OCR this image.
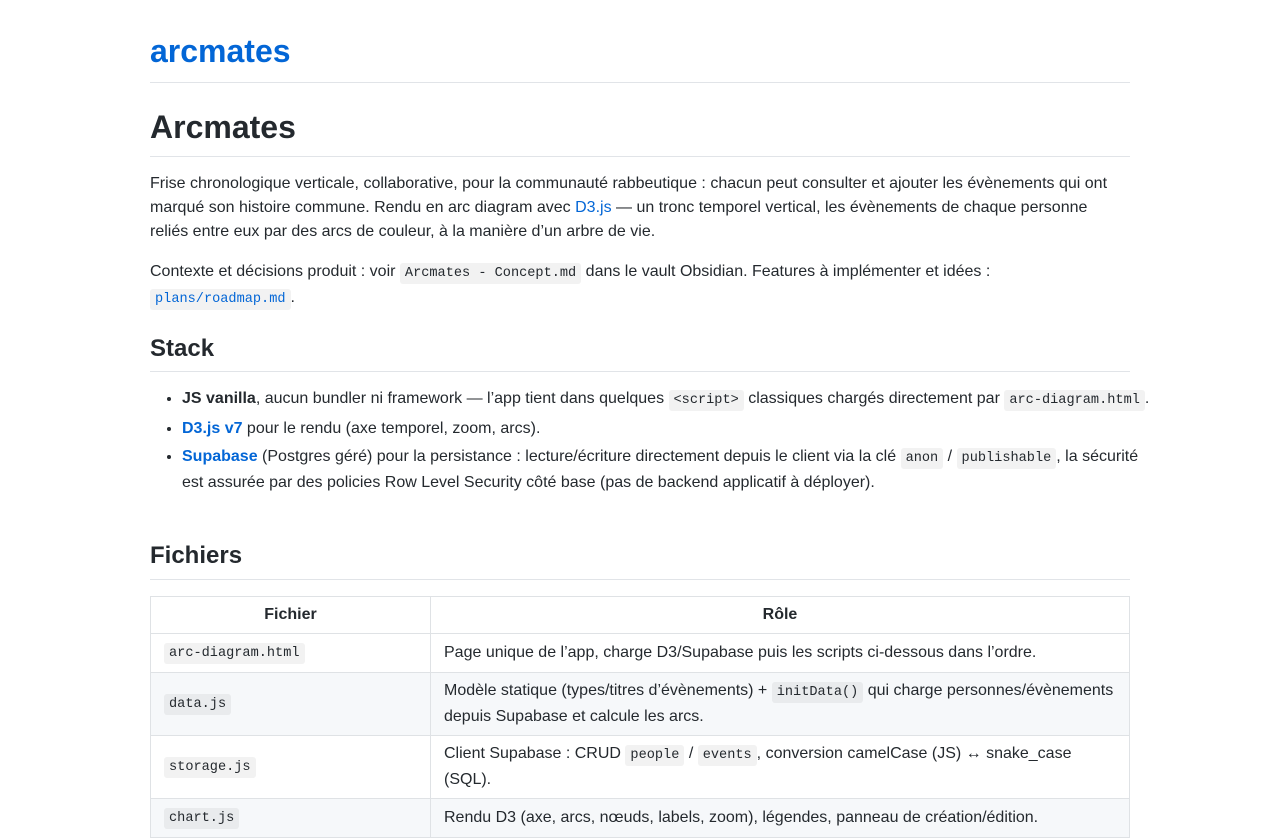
arcmates
Arcmates

Frise chronologique verticale, collaborative, pour la communauté rabbeutique : chacun peut consulter et ajouter les évènements qui ont marqué son histoire commune. Rendu en arc diagram avec D3.js — un tronc temporel vertical, les évènements de chaque personne reliés entre eux par des arcs de couleur, à la manière d’un arbre de vie.

Contexte et décisions produit : voir Arcmates - Concept.md dans le vault Obsidian. Features à implémenter et idées : plans/roadmap.md .

Stack
• JS vanilla, aucun bundler ni framework — l’app tient dans quelques <script> classiques chargés directement par arc-diagram.html .
• D3.js v7 pour le rendu (axe temporel, zoom, arcs).
• Supabase (Postgres géré) pour la persistance : lecture/écriture directement depuis le client via la clé anon / publishable , la sécurité est assurée par des policies Row Level Security côté base (pas de backend applicatif à déployer).
Fichiers
Fichier	Rôle
arc-diagram.html	Page unique de l’app, charge D3/Supabase puis les scripts ci-dessous dans l’ordre.
data.js	Modèle statique (types/titres d’évènements) + initData() qui charge personnes/évènements depuis Supabase et calcule les arcs.
storage.js	Client Supabase : CRUD people / events , conversion camelCase (JS) ↔ snake_case (SQL).
chart.js	Rendu D3 (axe, arcs, nœuds, labels, zoom), légendes, panneau de création/édition.
